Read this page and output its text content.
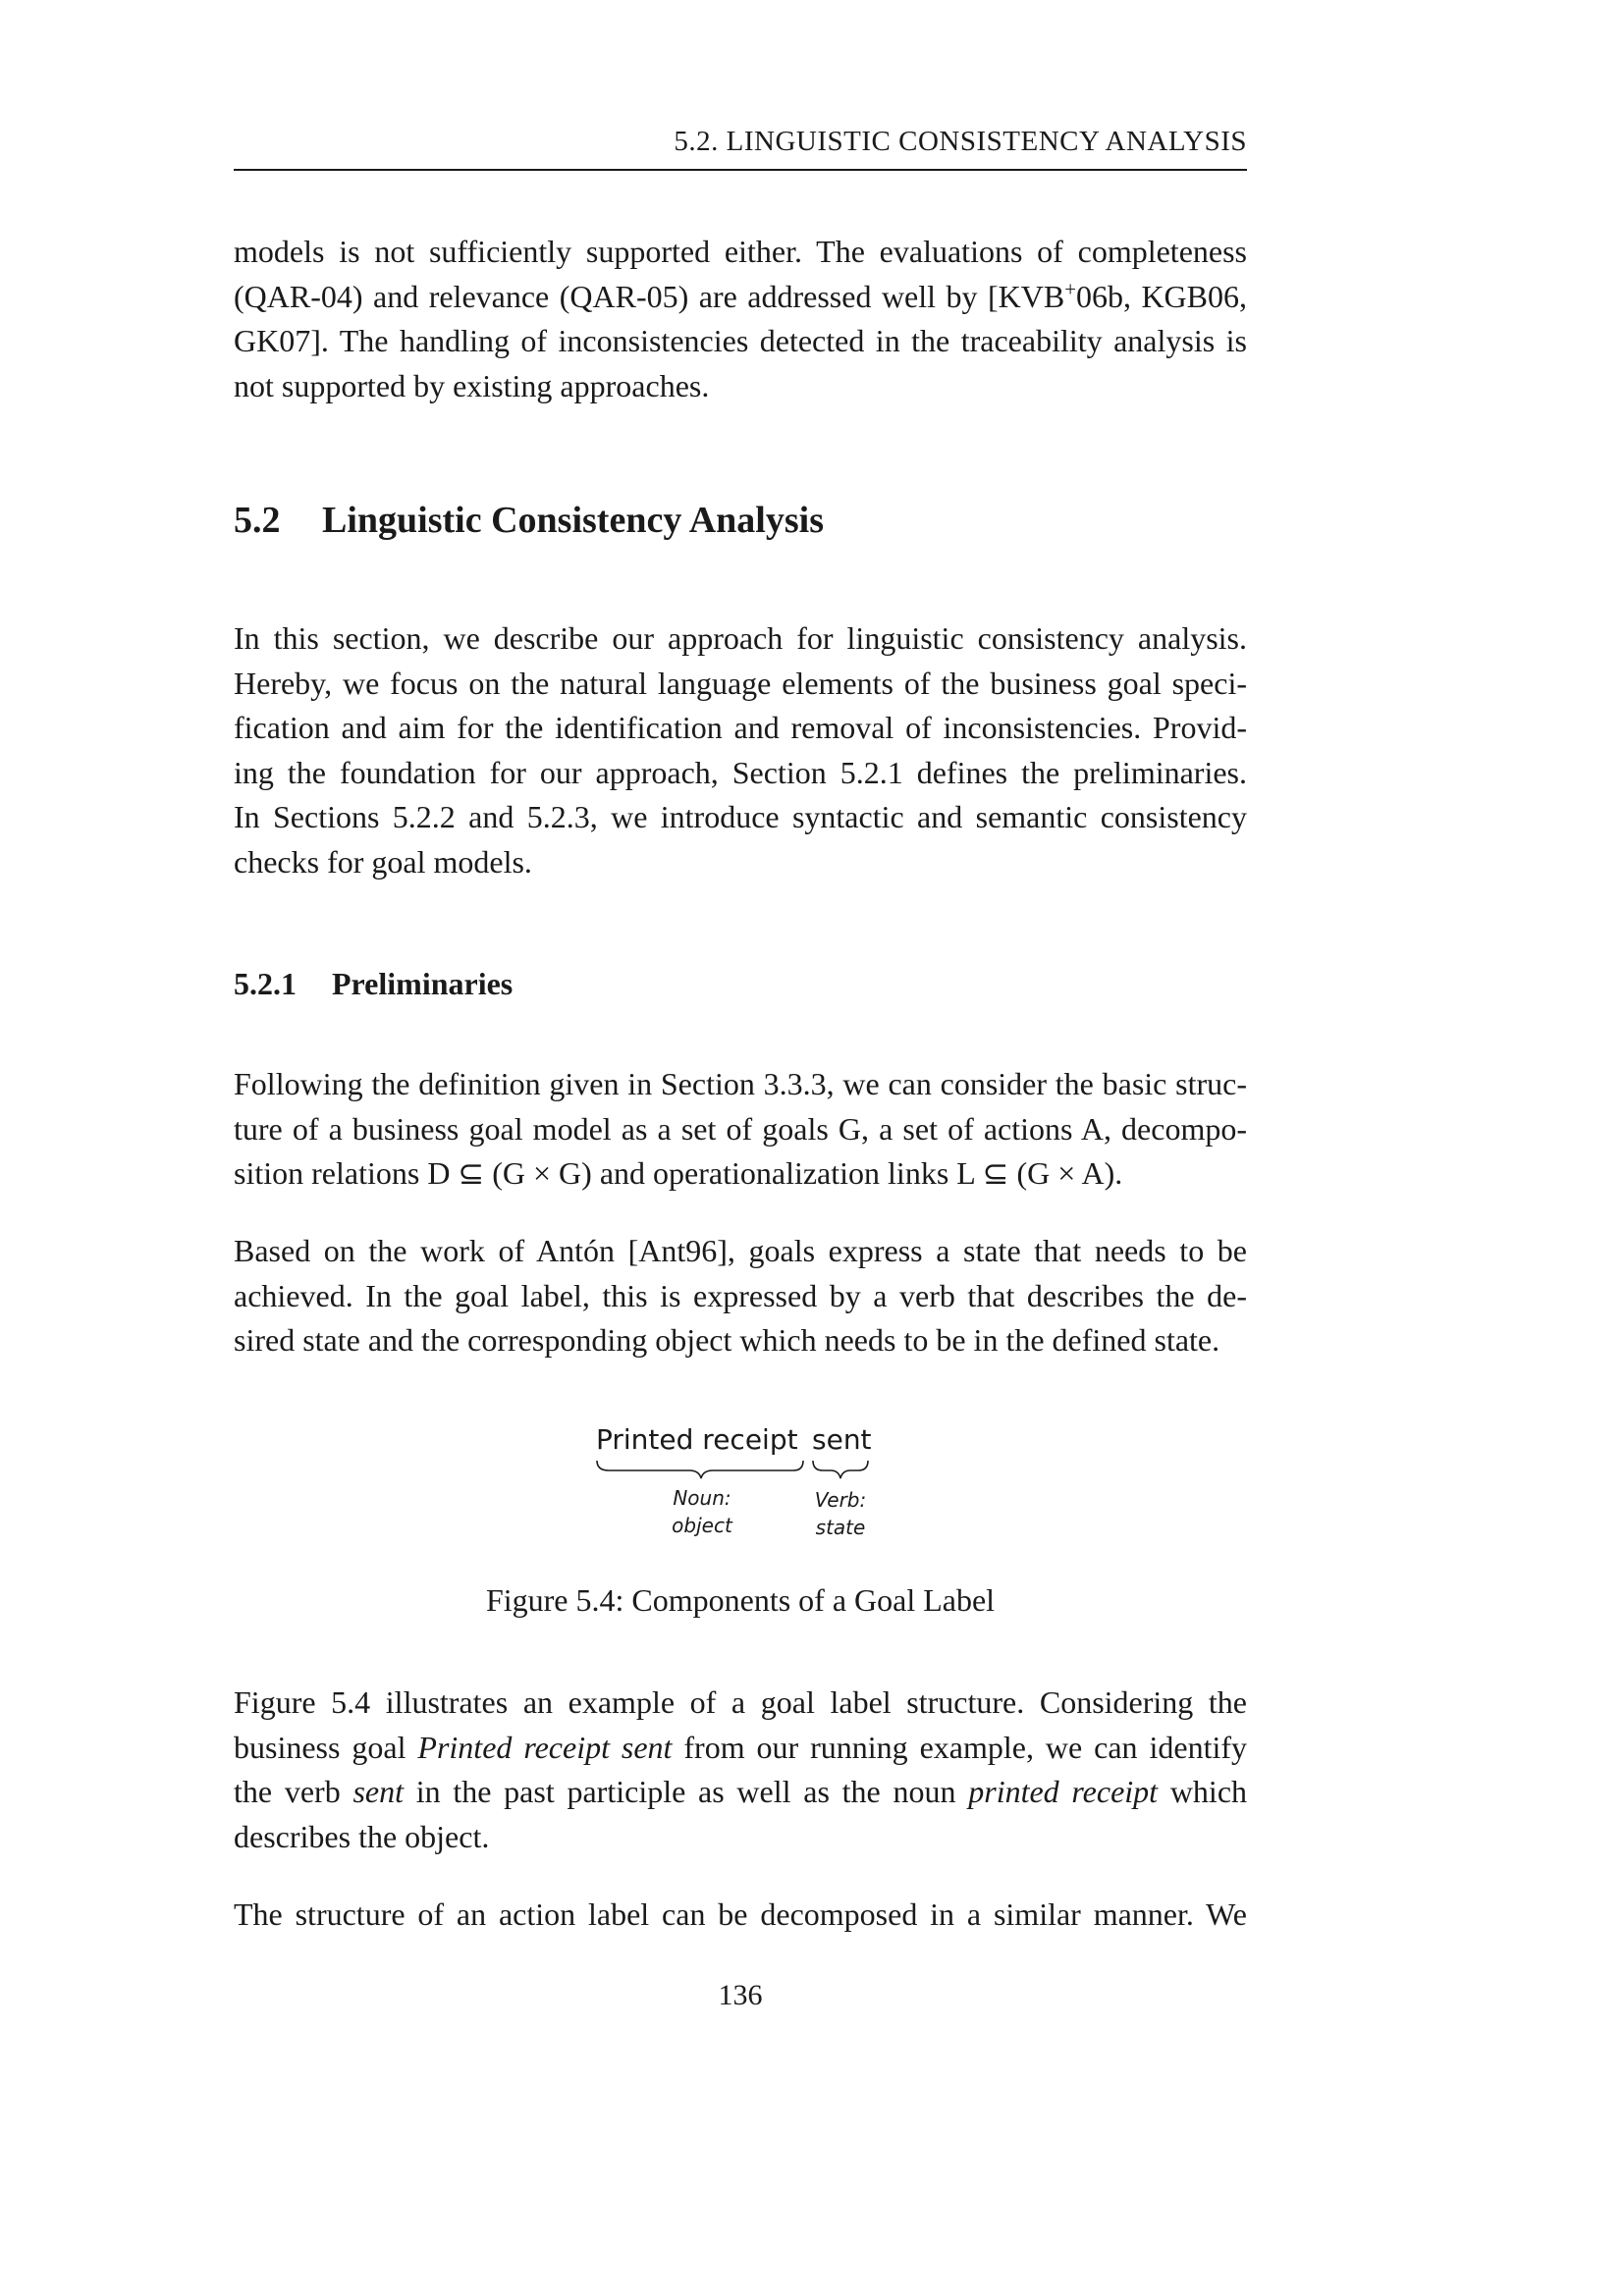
5.2. LINGUISTIC CONSISTENCY ANALYSIS
models is not sufficiently supported either. The evaluations of completeness
(QAR-04) and relevance (QAR-05) are addressed well by [KVB+06b, KGB06,
GK07]. The handling of inconsistencies detected in the traceability analysis is
not supported by existing approaches.
5.2 Linguistic Consistency Analysis
In this section, we describe our approach for linguistic consistency analysis.
Hereby, we focus on the natural language elements of the business goal speci-
fication and aim for the identification and removal of inconsistencies. Provid-
ing the foundation for our approach, Section 5.2.1 defines the preliminaries.
In Sections 5.2.2 and 5.2.3, we introduce syntactic and semantic consistency
checks for goal models.
5.2.1 Preliminaries
Following the definition given in Section 3.3.3, we can consider the basic struc-
ture of a business goal model as a set of goals G, a set of actions A, decompo-
sition relations D ⊆ (G × G) and operationalization links L ⊆ (G × A).
Based on the work of Antón [Ant96], goals express a state that needs to be
achieved. In the goal label, this is expressed by a verb that describes the de-
sired state and the corresponding object which needs to be in the defined state.
Printed receipt sent
Noun:
object
Verb:
state
Figure 5.4: Components of a Goal Label
Figure 5.4 illustrates an example of a goal label structure. Considering the
business goal Printed receipt sent from our running example, we can identify
the verb sent in the past participle as well as the noun printed receipt which
describes the object.
The structure of an action label can be decomposed in a similar manner. We
136
